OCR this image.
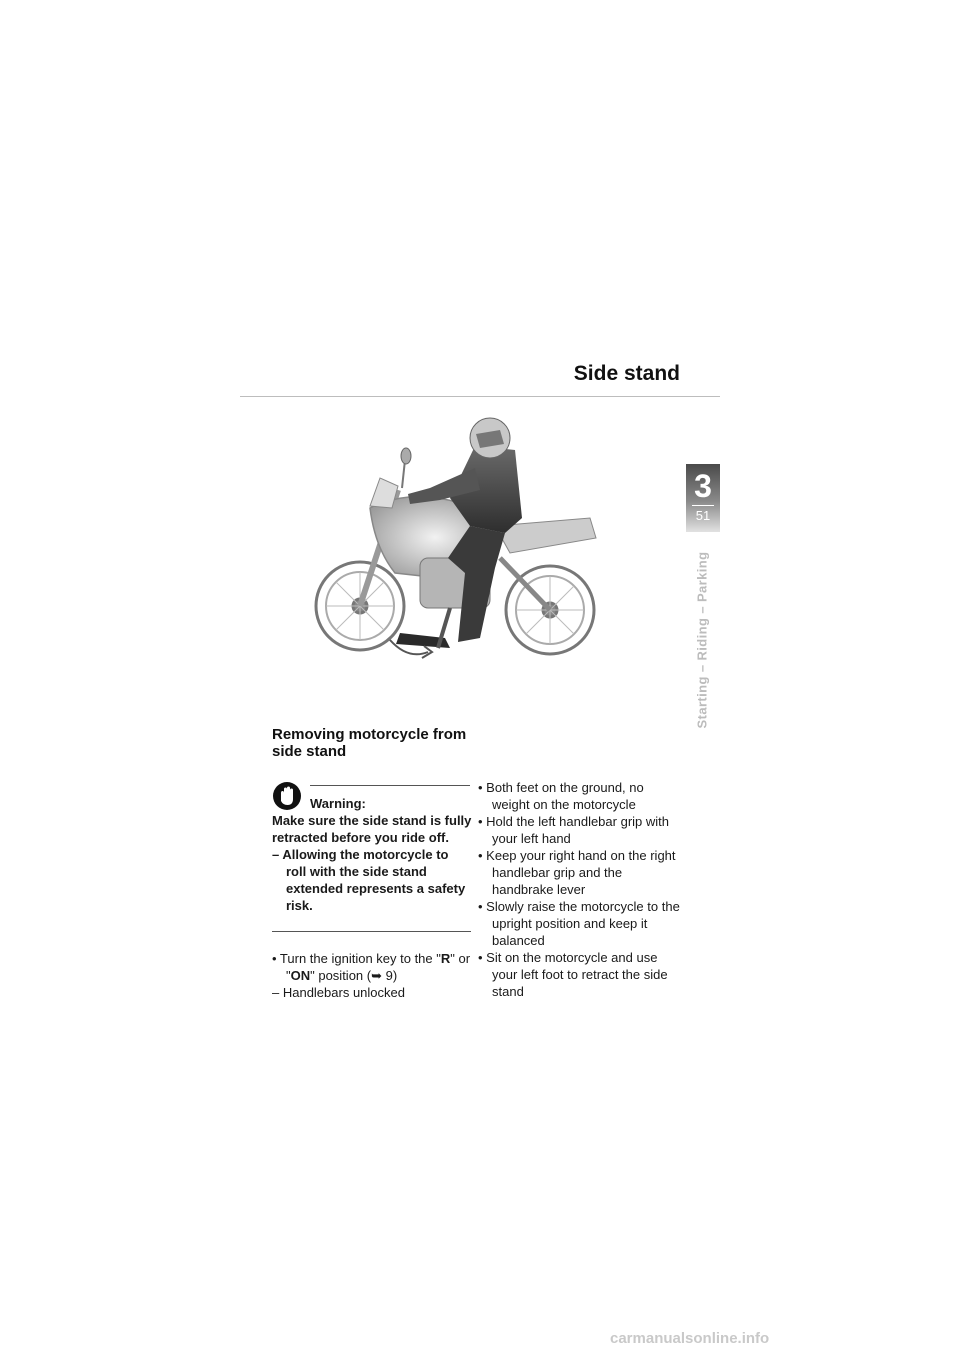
Side stand
3
51
Starting – Riding – Parking
Removing motorcycle from side stand
Warning:

Make sure the side stand is fully retracted before you ride off.

– Allowing the motorcycle to roll with the side stand extended represents a safety risk.

• Turn the ignition key to the "R" or "ON" position (➥ 9)
– Handlebars unlocked
• Both feet on the ground, no weight on the motorcycle
• Hold the left handlebar grip with your left hand
• Keep your right hand on the right handlebar grip and the handbrake lever
• Slowly raise the motorcycle to the upright position and keep it balanced
• Sit on the motorcycle and use your left foot to retract the side stand
carmanualsonline.info
